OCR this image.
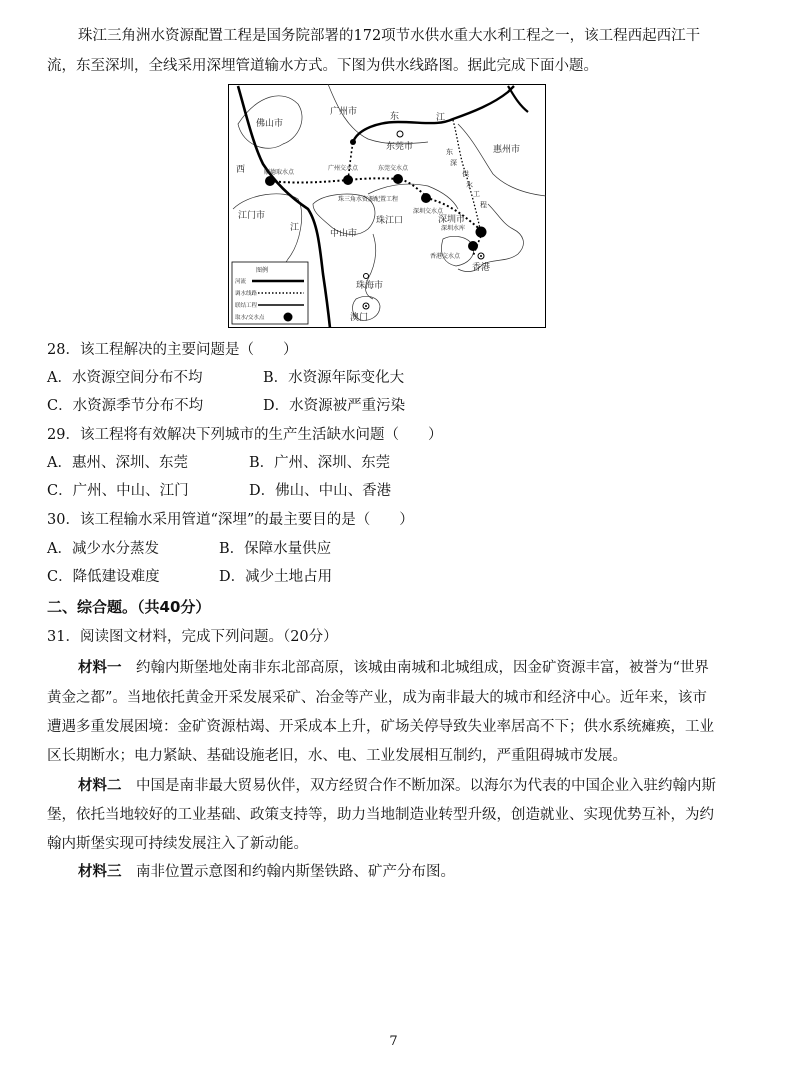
珠江三角洲水资源配置工程是国务院部署的172项节水供水重大水利工程之一，该工程西起西江干
流，东至深圳，全线采用深埋管道输水方式。下图为供水线路图。据此完成下面小题。
佛山市
广州市	东	江
东莞市	惠州市
西
江
江门市
中山市
珠江口	深圳市
珠海市
澳门
香港
顺德取水点
广州交水点	东莞交水点
珠三角水资源配置工程
深圳交水点
深圳水库
香港交水点
东
深
供
水
工
程
图例
河流
调水线路
联结工程
取水/交水点
28．该工程解决的主要问题是（　　）
A．水资源空间分布不均	B．水资源年际变化大
C．水资源季节分布不均	D．水资源被严重污染
29．该工程将有效解决下列城市的生产生活缺水问题（　　）
A．惠州、深圳、东莞	B．广州、深圳、东莞
C．广州、中山、江门	D．佛山、中山、香港
30．该工程输水采用管道“深埋”的最主要目的是（　　）
A．减少水分蒸发	B．保障水量供应
C．降低建设难度	D．减少土地占用
二、综合题。（共40分）
31．阅读图文材料，完成下列问题。（20分）
材料一　 约翰内斯堡地处南非东北部高原，该城由南城和北城组成，因金矿资源丰富，被誉为“世界
黄金之都”。当地依托黄金开采发展采矿、冶金等产业，成为南非最大的城市和经济中心。近年来，该市
遭遇多重发展困境：金矿资源枯竭、开采成本上升，矿场关停导致失业率居高不下；供水系统瘫痪，工业
区长期断水；电力紧缺、基础设施老旧，水、电、工业发展相互制约，严重阻碍城市发展。
材料二　 中国是南非最大贸易伙伴，双方经贸合作不断加深。以海尔为代表的中国企业入驻约翰内斯
堡，依托当地较好的工业基础、政策支持等，助力当地制造业转型升级，创造就业、实现优势互补，为约
翰内斯堡实现可持续发展注入了新动能。
材料三　 南非位置示意图和约翰内斯堡铁路、矿产分布图。
7
